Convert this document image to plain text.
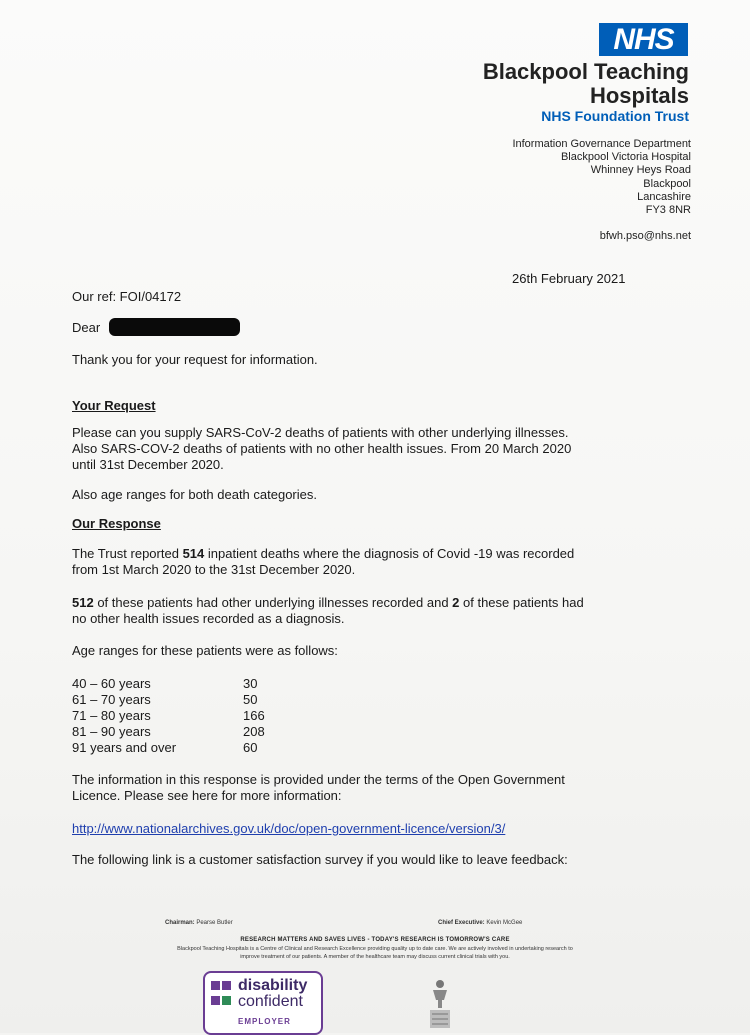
NHS
Blackpool Teaching
Hospitals
NHS Foundation Trust
Information Governance Department
Blackpool Victoria Hospital
Whinney Heys Road
Blackpool
Lancashire
FY3 8NR
bfwh.pso@nhs.net
26th February 2021
Our ref: FOI/04172
Dear
Thank you for your request for information.
Your Request
Please can you supply SARS-CoV-2 deaths of patients with other underlying illnesses.
Also SARS-COV-2 deaths of patients with no other health issues. From 20 March 2020
until 31st December 2020.
Also age ranges for both death categories.
Our Response
The Trust reported 514 inpatient deaths where the diagnosis of Covid -19 was recorded
from 1st March 2020 to the 31st December 2020.
512 of these patients had other underlying illnesses recorded and 2 of these patients had
no other health issues recorded as a diagnosis.
Age ranges for these patients were as follows:
40 – 60 years	30
61 – 70 years	50
71 – 80 years	166
81 – 90 years	208
91 years and over	60
The information in this response is provided under the terms of the Open Government
Licence. Please see here for more information:
http://www.nationalarchives.gov.uk/doc/open-government-licence/version/3/
The following link is a customer satisfaction survey if you would like to leave feedback:
Chairman: Pearse Butler	Chief Executive: Kevin McGee
RESEARCH MATTERS AND SAVES LIVES - TODAY'S RESEARCH IS TOMORROW'S CARE
Blackpool Teaching Hospitals is a Centre of Clinical and Research Excellence providing quality up to date care. We are actively involved in undertaking research to
improve treatment of our patients. A member of the healthcare team may discuss current clinical trials with you.
disability
confident
EMPLOYER
